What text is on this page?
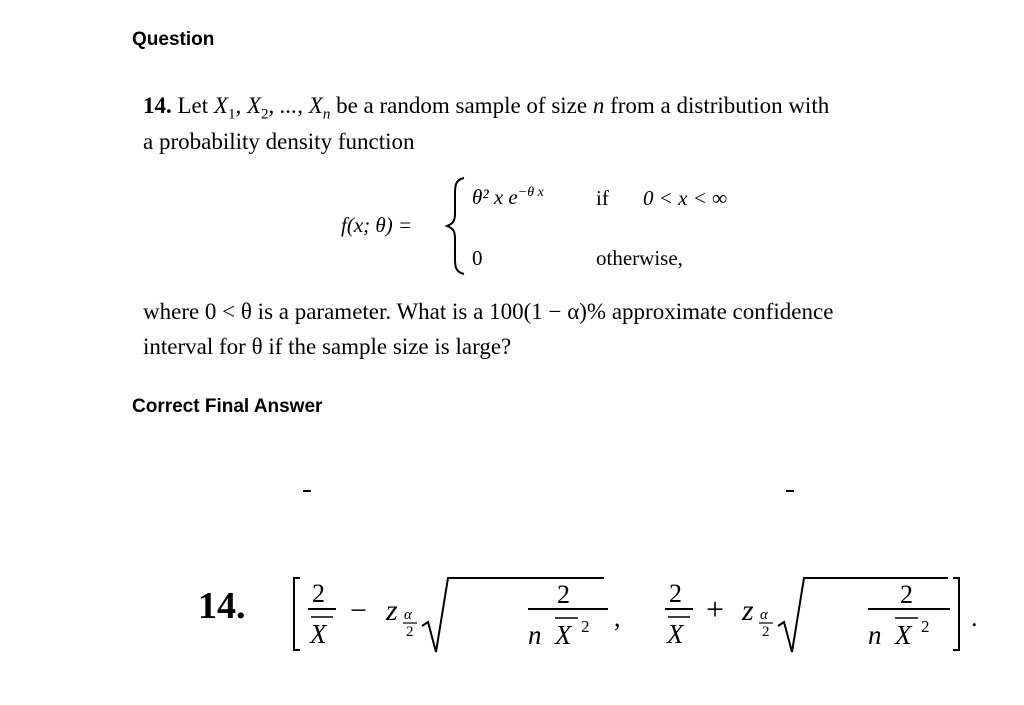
Question
Correct Final Answer
14. Let $X_1$, $X_2$, ..., $X_n$ be a random sample of size n from a distribution with
a probability density function
f(x; θ) =
θ² x $e^{-\theta x}$ if 0 < x < ∞
0	otherwise,
where 0 < θ is a parameter. What is a 100(1 − α)% approximate confidence
interval for θ if the sample size is large?
14.	2
X
− z α
2
2
n X 2 ,
2
X
+ z α
2
2
n X 2 .
